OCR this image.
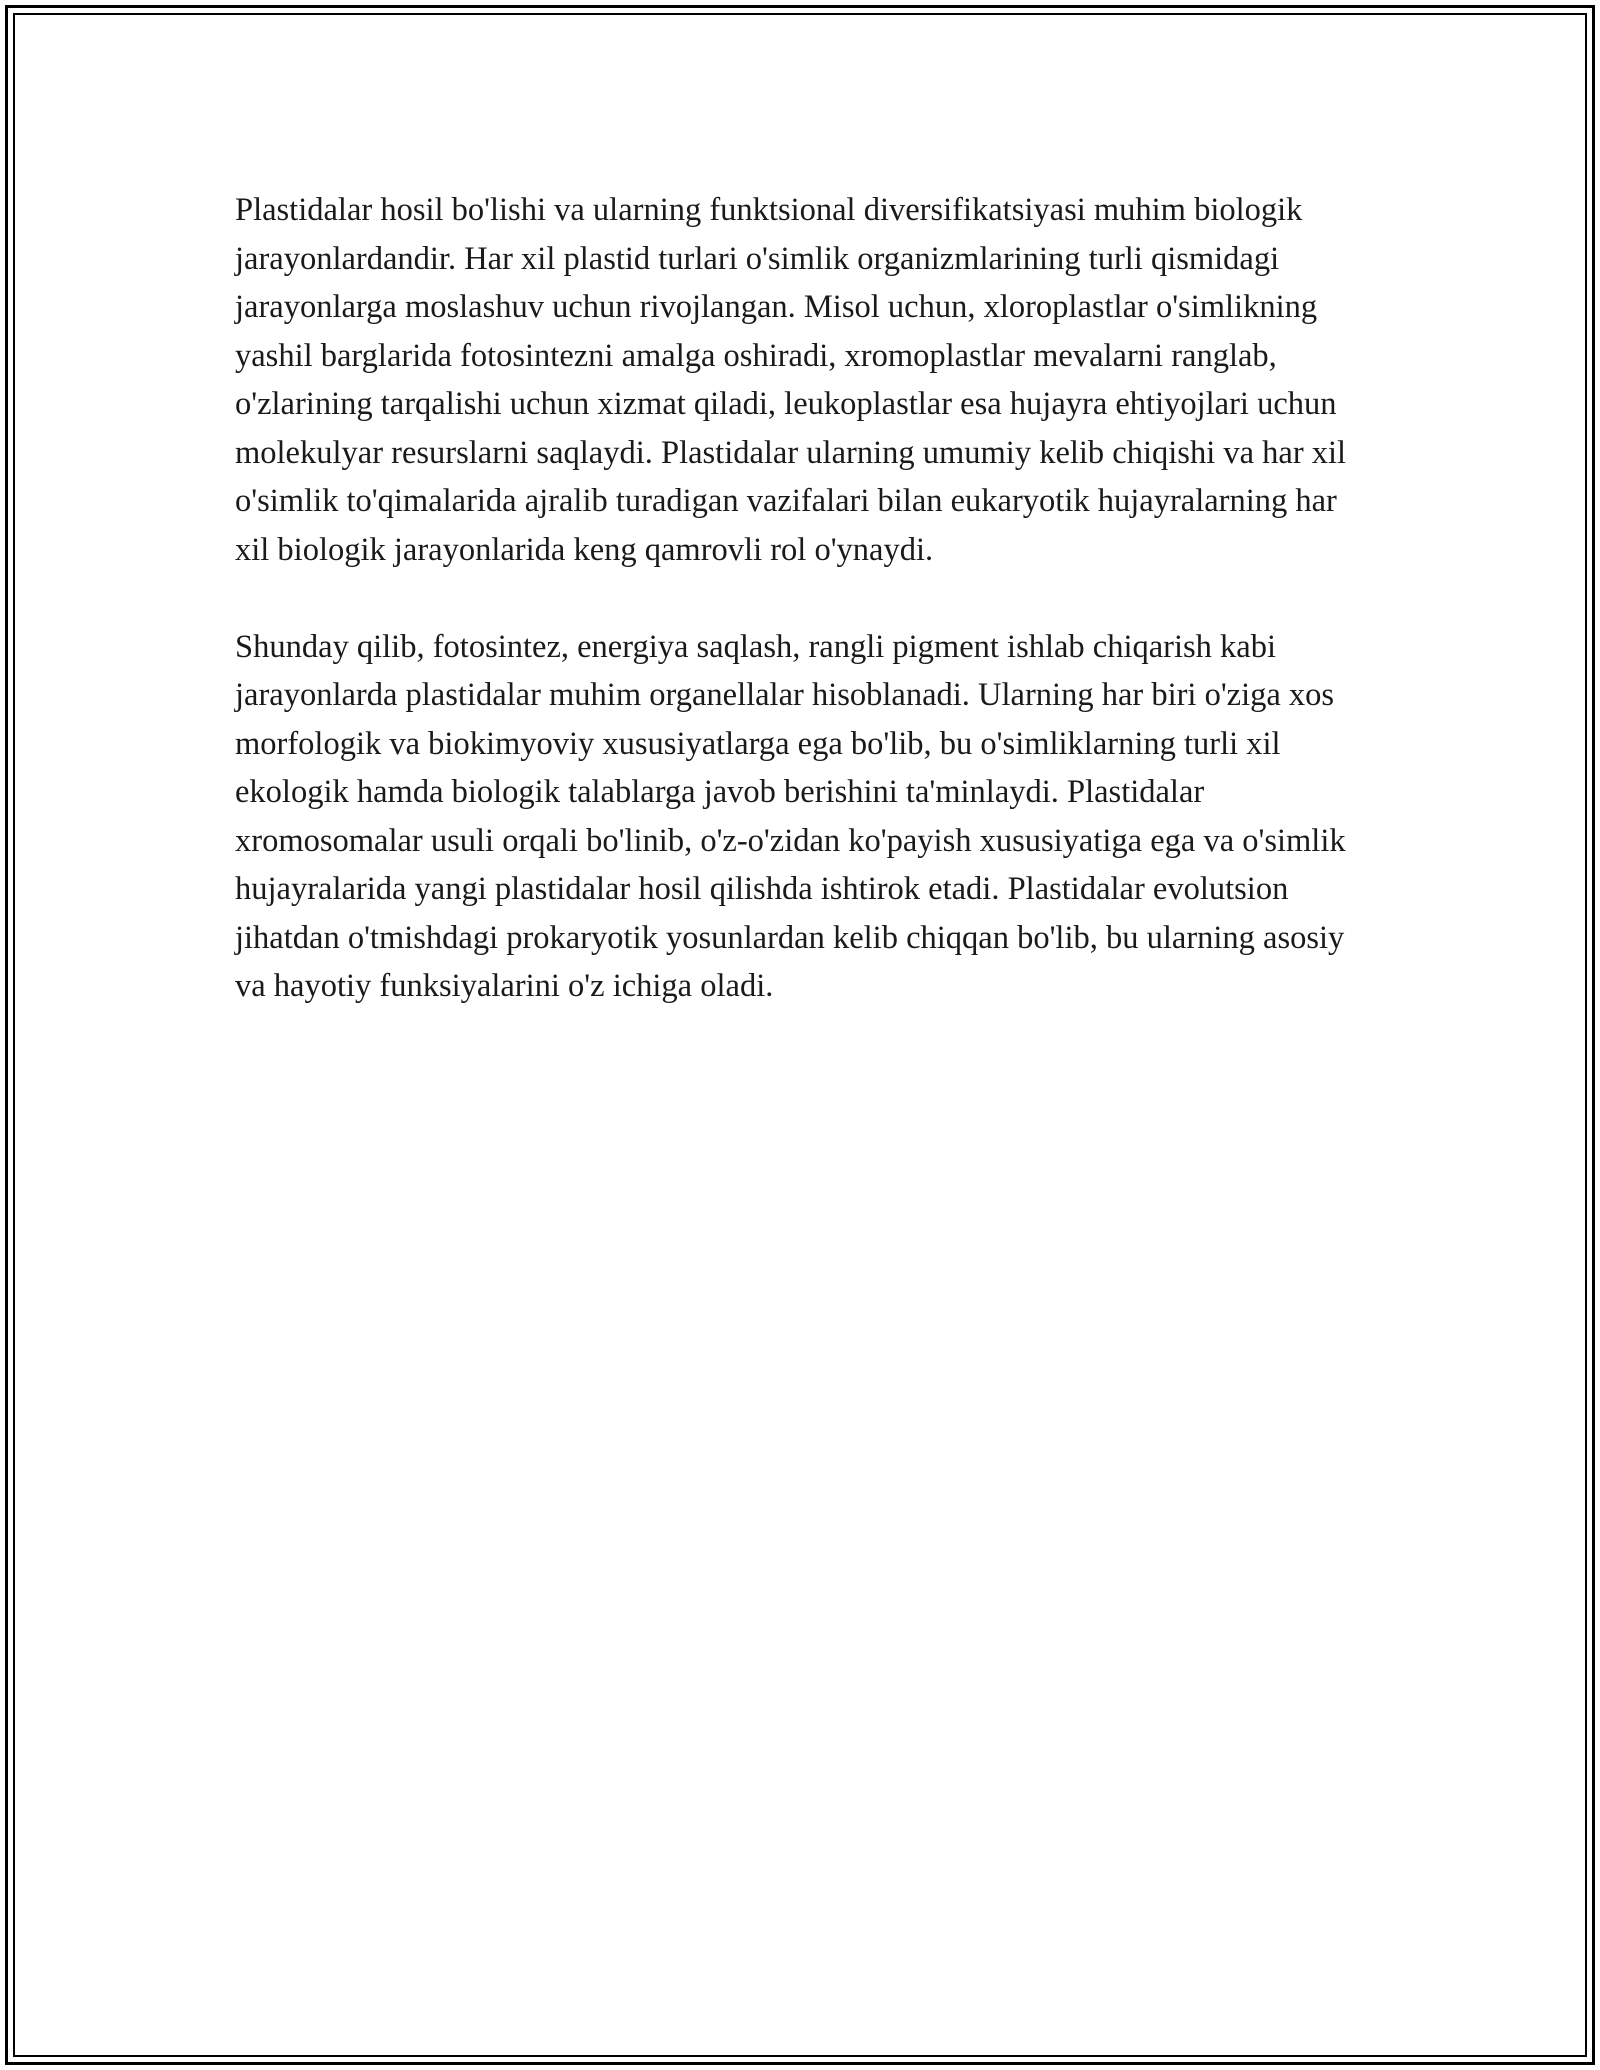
Plastidalar hosil bo'lishi va ularning funktsional diversifikatsiyasi muhim biologik jarayonlardandir. Har xil plastid turlari o'simlik organizmlarining turli qismidagi jarayonlarga moslashuv uchun rivojlangan. Misol uchun, xloroplastlar o'simlikning yashil barglarida fotosintezni amalga oshiradi, xromoplastlar mevalarni ranglab, o'zlarining tarqalishi uchun xizmat qiladi, leukoplastlar esa hujayra ehtiyojlari uchun molekulyar resurslarni saqlaydi. Plastidalar ularning umumiy kelib chiqishi va har xil o'simlik to'qimalarida ajralib turadigan vazifalari bilan eukaryotik hujayralarning har xil biologik jarayonlarida keng qamrovli rol o'ynaydi.

Shunday qilib, fotosintez, energiya saqlash, rangli pigment ishlab chiqarish kabi jarayonlarda plastidalar muhim organellalar hisoblanadi. Ularning har biri o'ziga xos morfologik va biokimyoviy xususiyatlarga ega bo'lib, bu o'simliklarning turli xil ekologik hamda biologik talablarga javob berishini ta'minlaydi. Plastidalar xromosomalar usuli orqali bo'linib, o'z-o'zidan ko'payish xususiyatiga ega va o'simlik hujayralarida yangi plastidalar hosil qilishda ishtirok etadi. Plastidalar evolutsion jihatdan o'tmishdagi prokaryotik yosunlardan kelib chiqqan bo'lib, bu ularning asosiy va hayotiy funksiyalarini o'z ichiga oladi.
